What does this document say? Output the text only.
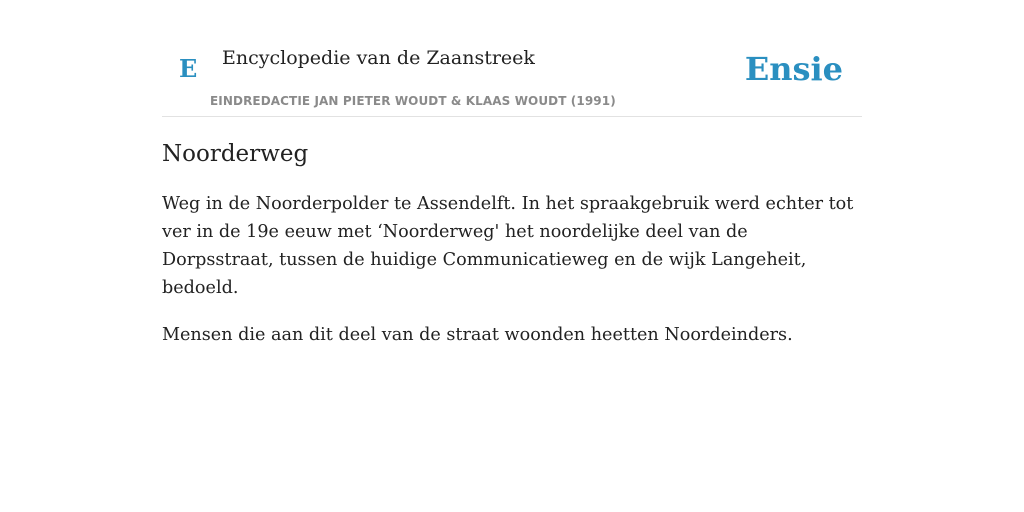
E Encyclopedie van de Zaanstreek
EINDREDACTIE JAN PIETER WOUDT & KLAAS WOUDT (1991)
Ensie
Noorderweg

Weg in de Noorderpolder te Assendelft. In het spraakgebruik werd echter tot ver in de 19e eeuw met ‘Noorderweg' het noordelijke deel van de Dorpsstraat, tussen de huidige Communicatieweg en de wijk Langeheit, bedoeld.

Mensen die aan dit deel van de straat woonden heetten Noordeinders.
